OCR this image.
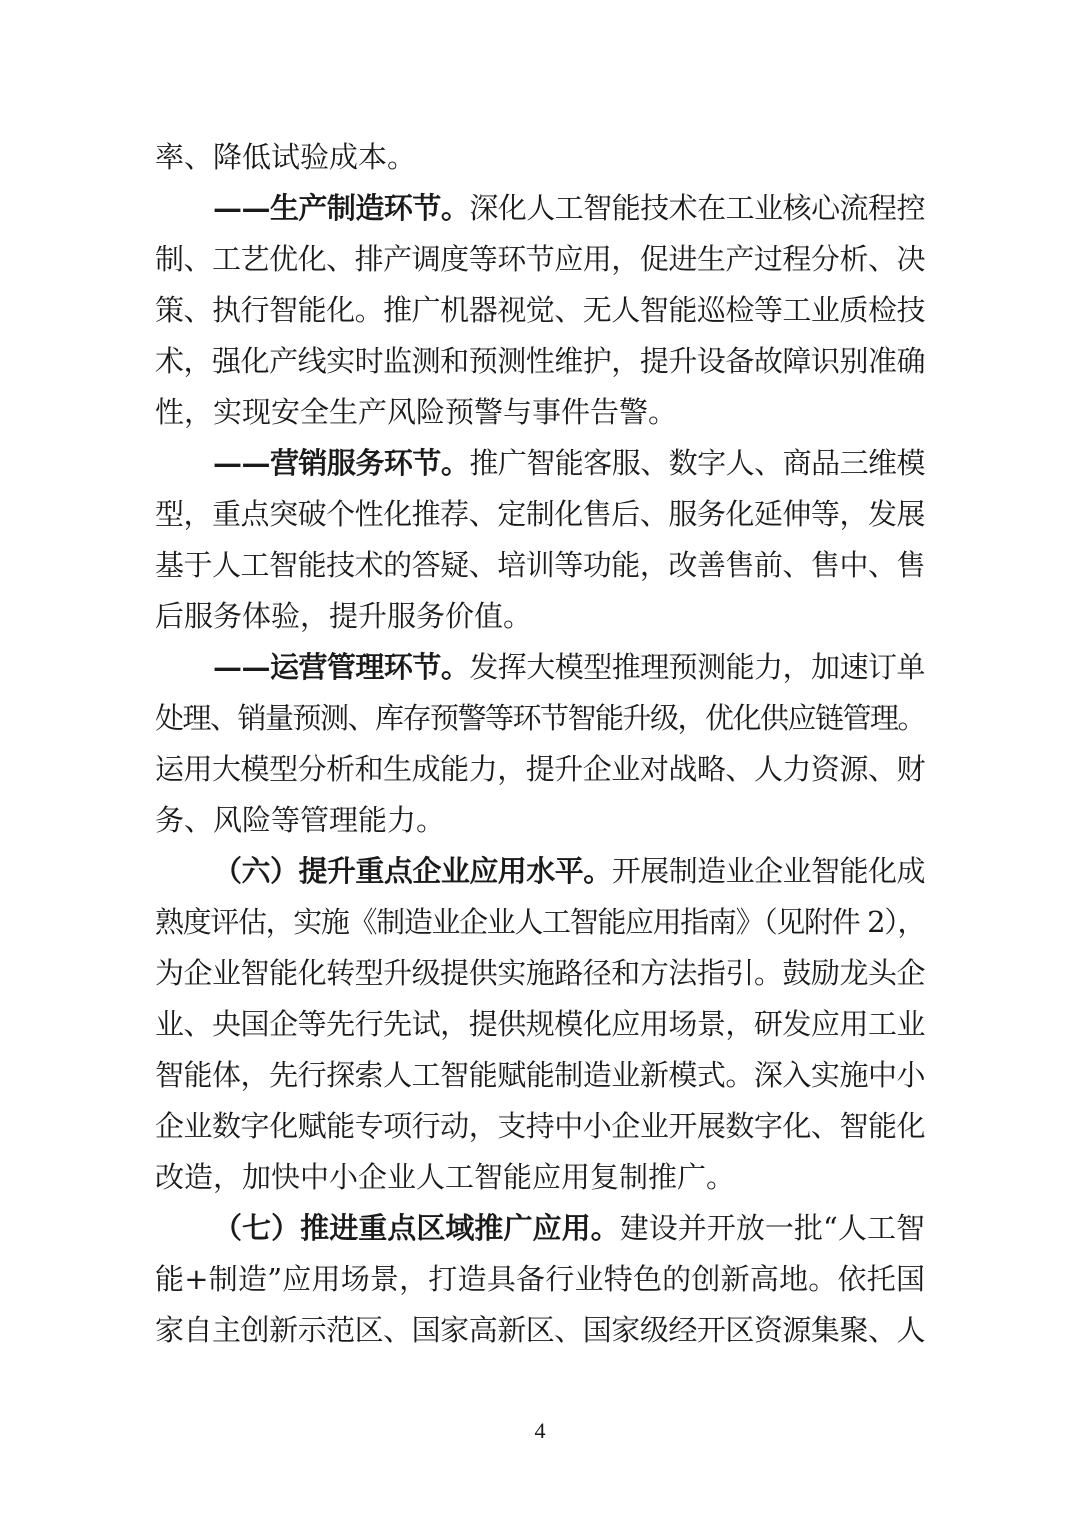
率、降低试验成本。
——生产制造环节。深化人工智能技术在工业核心流程控
制、工艺优化、排产调度等环节应用，促进生产过程分析、决
策、执行智能化。推广机器视觉、无人智能巡检等工业质检技
术，强化产线实时监测和预测性维护，提升设备故障识别准确
性，实现安全生产风险预警与事件告警。
——营销服务环节。推广智能客服、数字人、商品三维模
型，重点突破个性化推荐、定制化售后、服务化延伸等，发展
基于人工智能技术的答疑、培训等功能，改善售前、售中、售
后服务体验，提升服务价值。
——运营管理环节。发挥大模型推理预测能力，加速订单
处理、销量预测、库存预警等环节智能升级，优化供应链管理。
运用大模型分析和生成能力，提升企业对战略、人力资源、财
务、风险等管理能力。
（六）提升重点企业应用水平。开展制造业企业智能化成
熟度评估，实施《制造业企业人工智能应用指南》（见附件 2），
为企业智能化转型升级提供实施路径和方法指引。鼓励龙头企
业、央国企等先行先试，提供规模化应用场景，研发应用工业
智能体，先行探索人工智能赋能制造业新模式。深入实施中小
企业数字化赋能专项行动，支持中小企业开展数字化、智能化
改造，加快中小企业人工智能应用复制推广。
（七）推进重点区域推广应用。建设并开放一批“人工智
能+制造”应用场景，打造具备行业特色的创新高地。依托国
家自主创新示范区、国家高新区、国家级经开区资源集聚、人
4
